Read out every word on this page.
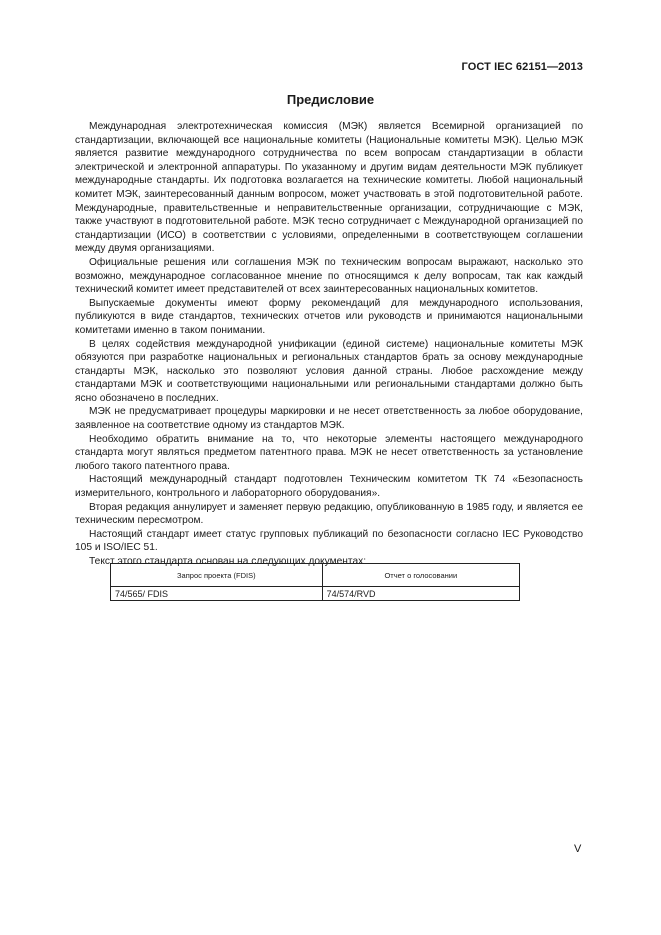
ГОСТ IEC 62151—2013
Предисловие

Международная электротехническая комиссия (МЭК) является Всемирной организацией по стандартизации, включающей все национальные комитеты (Национальные комитеты МЭК). Целью МЭК является развитие международного сотрудничества по всем вопросам стандартизации в области электрической и электронной аппаратуры. По указанному и другим видам деятельности МЭК публикует международные стандарты. Их подготовка возлагается на технические комитеты. Любой национальный комитет МЭК, заинтересованный данным вопросом, может участвовать в этой подготовительной работе. Международные, правительственные и неправительственные организации, сотрудничающие с МЭК, также участвуют в подготовительной работе. МЭК тесно сотрудничает с Международной организацией по стандартизации (ИСО) в соответствии с условиями, определенными в соответствующем соглашении между двумя организациями.

Официальные решения или соглашения МЭК по техническим вопросам выражают, насколько это возможно, международное согласованное мнение по относящимся к делу вопросам, так как каждый технический комитет имеет представителей от всех заинтересованных национальных комитетов.

Выпускаемые документы имеют форму рекомендаций для международного использования, публикуются в виде стандартов, технических отчетов или руководств и принимаются национальными комитетами именно в таком понимании.

В целях содействия международной унификации (единой системе) национальные комитеты МЭК обязуются при разработке национальных и региональных стандартов брать за основу международные стандарты МЭК, насколько это позволяют условия данной страны. Любое расхождение между стандартами МЭК и соответствующими национальными или региональными стандартами должно быть ясно обозначено в последних.

МЭК не предусматривает процедуры маркировки и не несет ответственность за любое оборудование, заявленное на соответствие одному из стандартов МЭК.

Необходимо обратить внимание на то, что некоторые элементы настоящего международного стандарта могут являться предметом патентного права. МЭК не несет ответственность за установление любого такого патентного права.

Настоящий международный стандарт подготовлен Техническим комитетом ТК 74 «Безопасность измерительного, контрольного и лабораторного оборудования».

Вторая редакция аннулирует и заменяет первую редакцию, опубликованную в 1985 году, и является ее техническим пересмотром.

Настоящий стандарт имеет статус групповых публикаций по безопасности согласно IEC Руководство 105 и ISO/IEC 51.

Текст этого стандарта основан на следующих документах:

Запрос проекта (FDIS)	Отчет о голосовании
74/565/ FDIS	74/574/RVD
V
